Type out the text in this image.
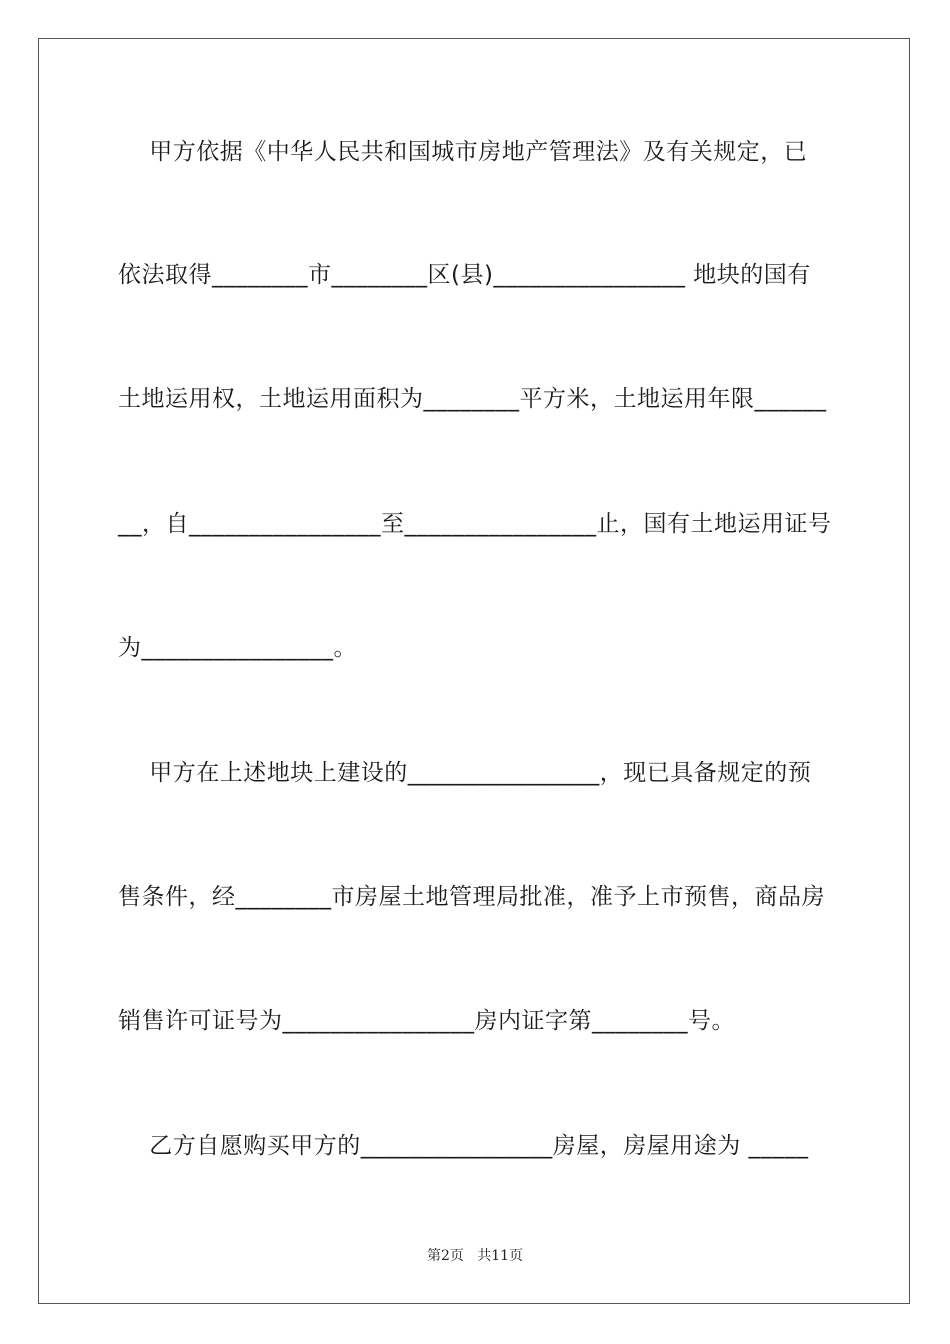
甲方依据《中华人民共和国城市房地产管理法》及有关规定，已
依法取得________市________区(县)________________ 地块的国有
土地运用权，土地运用面积为________平方米，土地运用年限______
__，自________________至________________止，国有土地运用证号
为________________。
甲方在上述地块上建设的________________，现已具备规定的预
售条件，经________市房屋土地管理局批准，准予上市预售，商品房
销售许可证号为________________房内证字第________号。
乙方自愿购买甲方的________________房屋，房屋用途为 _____
第2页   共11页
